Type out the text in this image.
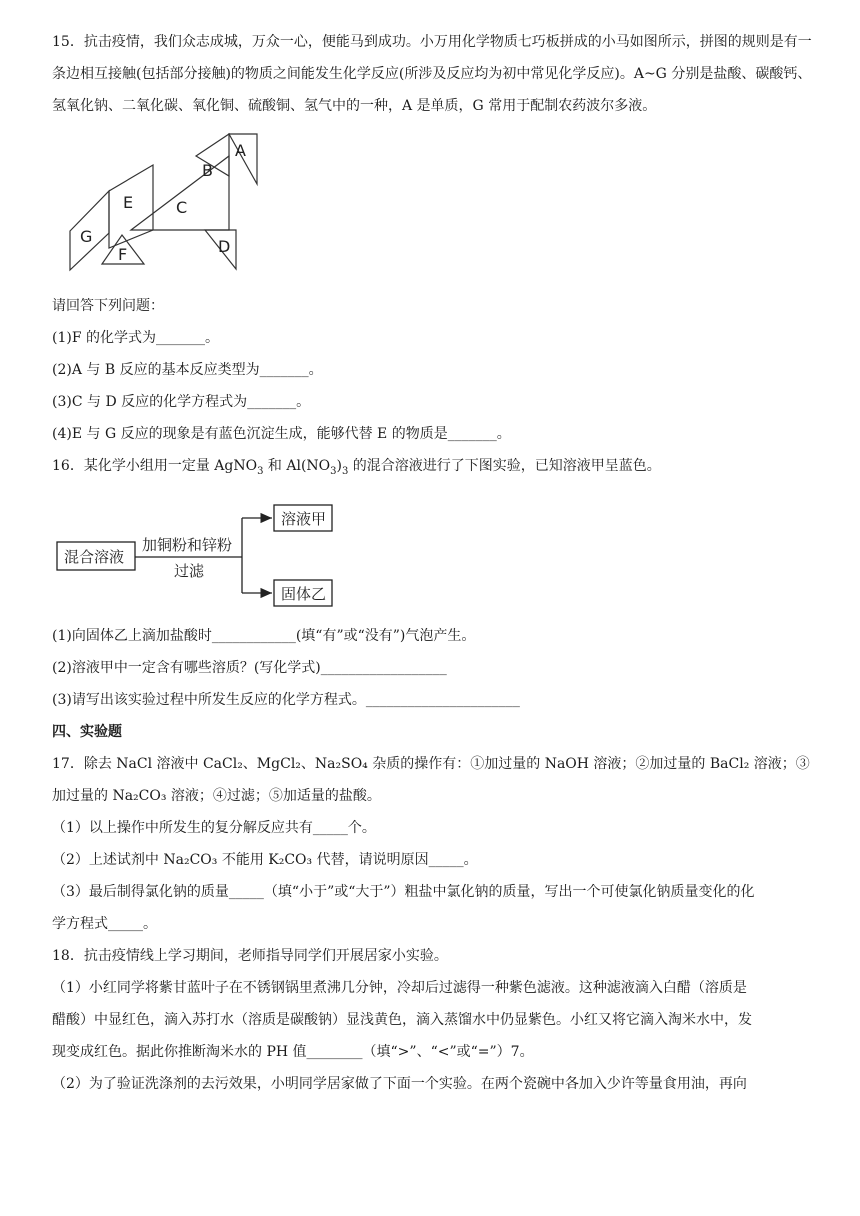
15．抗击疫情，我们众志成城，万众一心，便能马到成功。小万用化学物质七巧板拼成的小马如图所示，拼图的规则是有一条边相互接触(包括部分接触)的物质之间能发生化学反应(所涉及反应均为初中常见化学反应)。A~G 分别是盐酸、碳酸钙、氢氧化钠、二氧化碳、氧化铜、硫酸铜、氢气中的一种，A 是单质，G 常用于配制农药波尔多液。

G
E	C
B
A
F	D

请回答下列问题：

(1)F 的化学式为_______。

(2)A 与 B 反应的基本反应类型为_______。

(3)C 与 D 反应的化学方程式为_______。

(4)E 与 G 反应的现象是有蓝色沉淀生成，能够代替 E 的物质是_______。

16．某化学小组用一定量 AgNO$_3$ 和 $Al(NO_3)_3$ 的混合溶液进行了下图实验，已知溶液甲呈蓝色。

混合溶液
加铜粉和锌粉
过滤
溶液甲
固体乙

(1)向固体乙上滴加盐酸时____________(填“有”或“没有”)气泡产生。

(2)溶液甲中一定含有哪些溶质？(写化学式)__________________

(3)请写出该实验过程中所发生反应的化学方程式。______________________

四、实验题

17．除去 NaCl 溶液中 CaCl₂、MgCl₂、Na₂SO₄ 杂质的操作有：①加过量的 NaOH 溶液；②加过量的 BaCl₂ 溶液；③

加过量的 Na₂CO₃ 溶液；④过滤；⑤加适量的盐酸。

（1）以上操作中所发生的复分解反应共有_____个。

（2）上述试剂中 Na₂CO₃ 不能用 K₂CO₃ 代替，请说明原因_____。

（3）最后制得氯化钠的质量_____（填“小于”或“大于”）粗盐中氯化钠的质量，写出一个可使氯化钠质量变化的化

学方程式_____。

18．抗击疫情线上学习期间，老师指导同学们开展居家小实验。

（1）小红同学将紫甘蓝叶子在不锈钢锅里煮沸几分钟，冷却后过滤得一种紫色滤液。这种滤液滴入白醋（溶质是

醋酸）中显红色，滴入苏打水（溶质是碳酸钠）显浅黄色，滴入蒸馏水中仍显紫色。小红又将它滴入淘米水中，发

现变成红色。据此你推断淘米水的 PH 值________（填“>”、“<”或“=”）7。

（2）为了验证洗涤剂的去污效果，小明同学居家做了下面一个实验。在两个瓷碗中各加入少许等量食用油，再向
